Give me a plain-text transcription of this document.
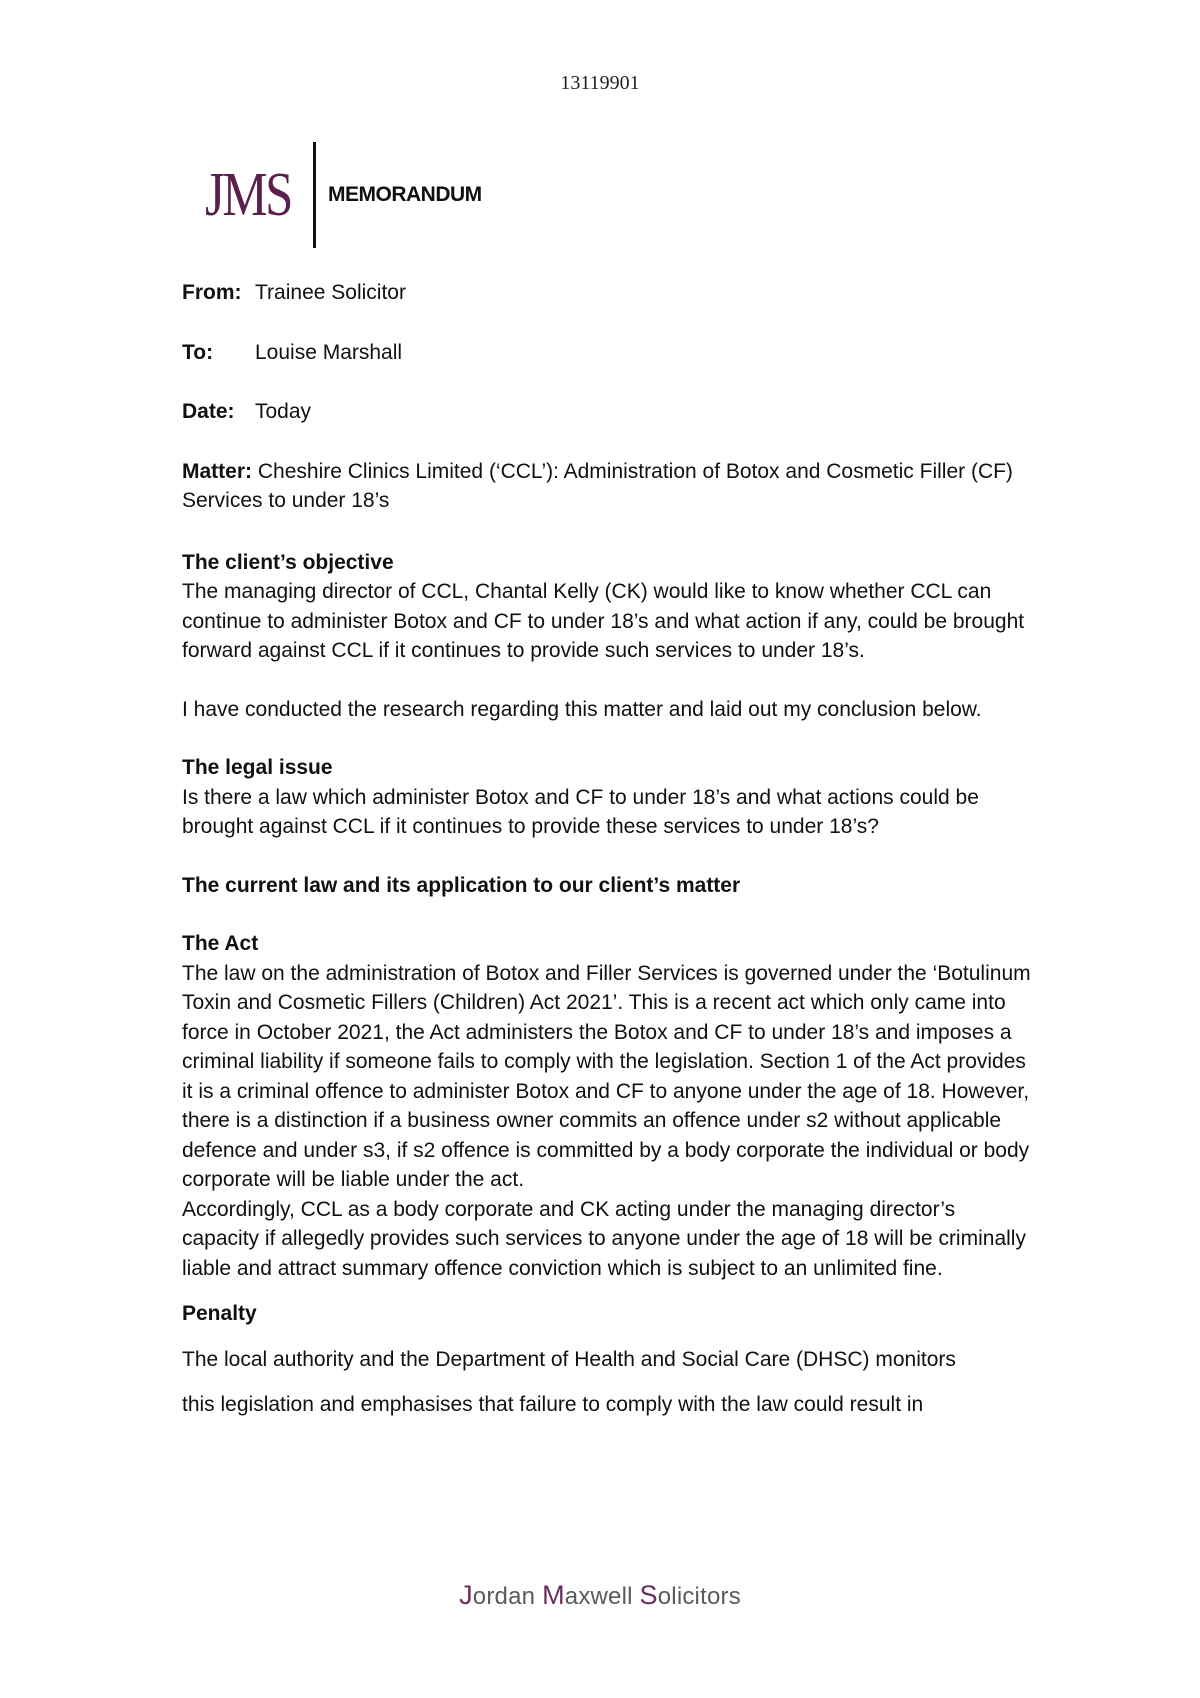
13119901
JMS MEMORANDUM
From: Trainee Solicitor
To:	Louise Marshall
Date: Today

Matter: Cheshire Clinics Limited (‘CCL’): Administration of Botox and Cosmetic Filler (CF) Services to under 18’s

The client’s objective

The managing director of CCL, Chantal Kelly (CK) would like to know whether CCL can continue to administer Botox and CF to under 18’s and what action if any, could be brought forward against CCL if it continues to provide such services to under 18’s.

I have conducted the research regarding this matter and laid out my conclusion below.

The legal issue

Is there a law which administer Botox and CF to under 18’s and what actions could be brought against CCL if it continues to provide these services to under 18’s?

The current law and its application to our client’s matter

The Act

The law on the administration of Botox and Filler Services is governed under the ‘Botulinum Toxin and Cosmetic Fillers (Children) Act 2021’. This is a recent act which only came into force in October 2021, the Act administers the Botox and CF to under 18’s and imposes a criminal liability if someone fails to comply with the legislation. Section 1 of the Act provides it is a criminal offence to administer Botox and CF to anyone under the age of 18. However, there is a distinction if a business owner commits an offence under s2 without applicable defence and under s3, if s2 offence is committed by a body corporate the individual or body corporate will be liable under the act.

Accordingly, CCL as a body corporate and CK acting under the managing director’s capacity if allegedly provides such services to anyone under the age of 18 will be criminally liable and attract summary offence conviction which is subject to an unlimited fine.

Penalty

The local authority and the Department of Health and Social Care (DHSC) monitors

this legislation and emphasises that failure to comply with the law could result in

Jordan Maxwell Solicitors
